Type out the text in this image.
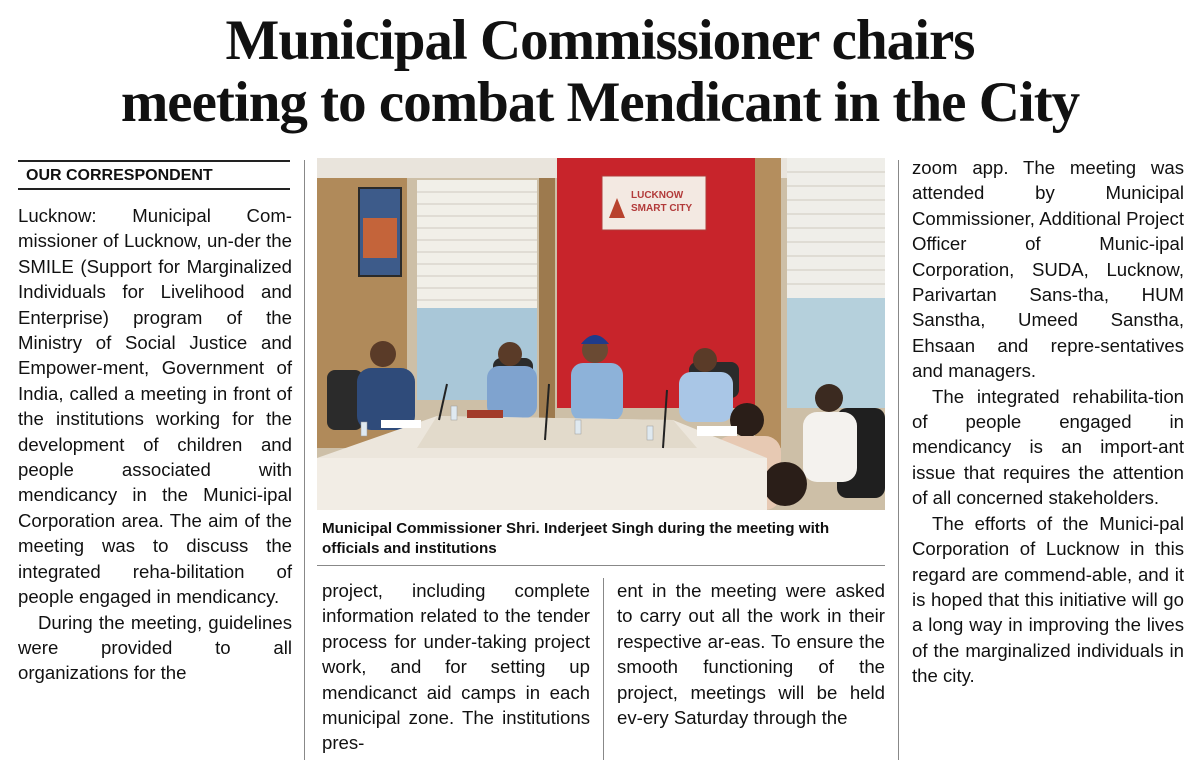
Municipal Commissioner chairs
meeting to combat Mendicant in the City
OUR CORRESPONDENT

Lucknow: Municipal Com-missioner of Lucknow, un-der the SMILE (Support for Marginalized Individuals for Livelihood and Enterprise) program of the Ministry of Social Justice and Empower-ment, Government of India, called a meeting in front of the institutions working for the development of children and people associated with mendicancy in the Munici-ipal Corporation area. The aim of the meeting was to discuss the integrated reha-bilitation of people engaged in mendicancy.

During the meeting, guidelines were provided to all organizations for the

LUCKNOW
SMART CITY
Municipal Commissioner Shri. Inderjeet Singh during the meeting with officials and institutions

project, including complete information related to the tender process for under-taking project work, and for setting up mendicanct aid camps in each municipal zone. The institutions pres-

ent in the meeting were asked to carry out all the work in their respective ar-eas. To ensure the smooth functioning of the project, meetings will be held ev-ery Saturday through the

zoom app. The meeting was attended by Municipal Commissioner, Additional Project Officer of Munic-ipal Corporation, SUDA, Lucknow, Parivartan Sans-tha, HUM Sanstha, Umeed Sanstha, Ehsaan and repre-sentatives and managers.

The integrated rehabilita-tion of people engaged in mendicancy is an import-ant issue that requires the attention of all concerned stakeholders.

The efforts of the Munici-pal Corporation of Lucknow in this regard are commend-able, and it is hoped that this initiative will go a long way in improving the lives of the marginalized individuals in the city.
